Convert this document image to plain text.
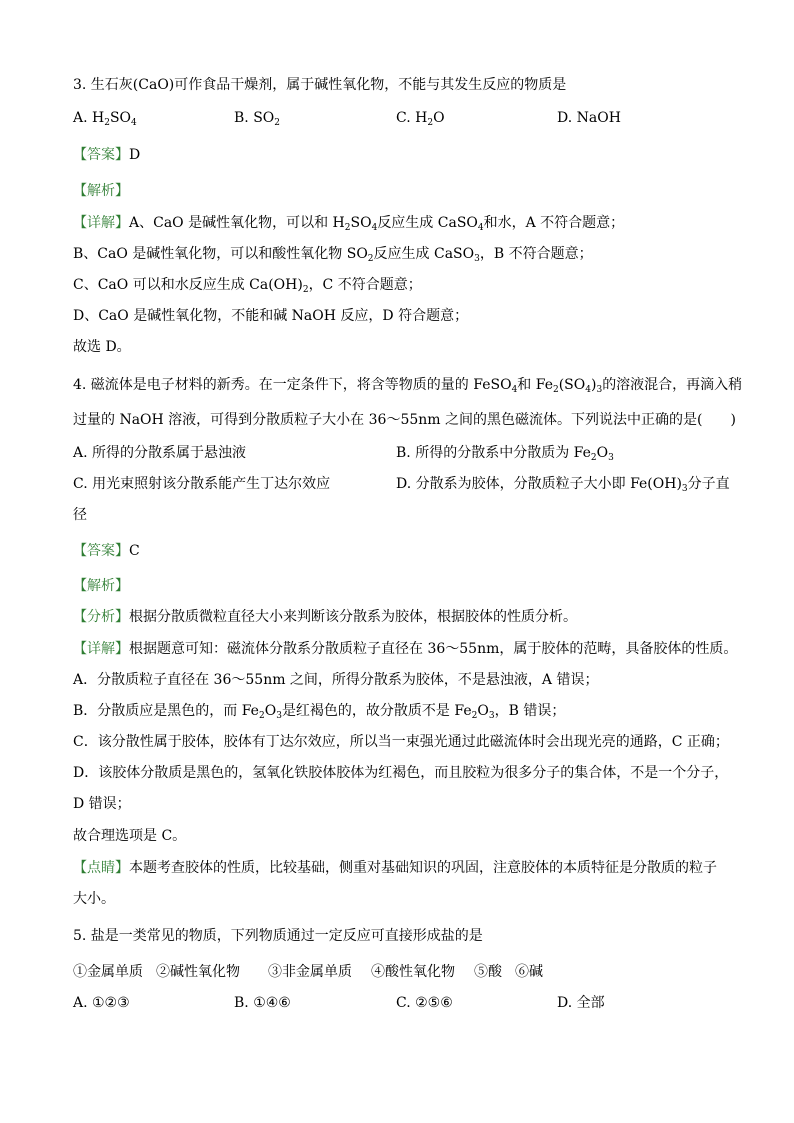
3. 生石灰(CaO)可作食品干燥剂，属于碱性氧化物，不能与其发生反应的物质是
A. $H_2SO_4$	B. $SO_2$	C. $H_2O$	D. NaOH
【答案】D
【解析】
【详解】A、CaO 是碱性氧化物，可以和 $H_2SO_4$反应生成 CaSO$_4$和水，A 不符合题意；
B、CaO 是碱性氧化物，可以和酸性氧化物 $SO_2$反应生成 CaSO$_3$，B 不符合题意；
C、CaO 可以和水反应生成 $Ca(OH)_2$，C 不符合题意；
D、CaO 是碱性氧化物，不能和碱 NaOH 反应，D 符合题意；
故选 D。
4. 磁流体是电子材料的新秀。在一定条件下，将含等物质的量的 FeSO$_4$和 $Fe_2(SO_4)_3$的溶液混合，再滴入稍
过量的 NaOH 溶液，可得到分散质粒子大小在 36～55nm 之间的黑色磁流体。下列说法中正确的是(　　)
A. 所得的分散系属于悬浊液	B. 所得的分散系中分散质为 $Fe_2O_3$
C. 用光束照射该分散系能产生丁达尔效应	D. 分散系为胶体，分散质粒子大小即 $Fe(OH)_3$分子直
径
【答案】C
【解析】
【分析】根据分散质微粒直径大小来判断该分散系为胶体，根据胶体的性质分析。
【详解】根据题意可知：磁流体分散系分散质粒子直径在 36～55nm，属于胶体的范畴，具备胶体的性质。
A．分散质粒子直径在 36～55nm 之间，所得分散系为胶体，不是悬浊液，A 错误；
B．分散质应是黑色的，而 $Fe_2O_3$是红褐色的，故分散质不是 $Fe_2O_3$，B 错误；
C．该分散性属于胶体，胶体有丁达尔效应，所以当一束强光通过此磁流体时会出现光亮的通路，C 正确；
D．该胶体分散质是黑色的，氢氧化铁胶体胶体为红褐色，而且胶粒为很多分子的集合体，不是一个分子，
D 错误；
故合理选项是 C。
【点睛】本题考查胶体的性质，比较基础，侧重对基础知识的巩固，注意胶体的本质特征是分散质的粒子
大小。
5. 盐是一类常见的物质，下列物质通过一定反应可直接形成盐的是
①金属单质 ②碱性氧化物 ③非金属单质 ④酸性氧化物 ⑤酸 ⑥碱
A. ①②③	B. ①④⑥	C. ②⑤⑥	D. 全部
